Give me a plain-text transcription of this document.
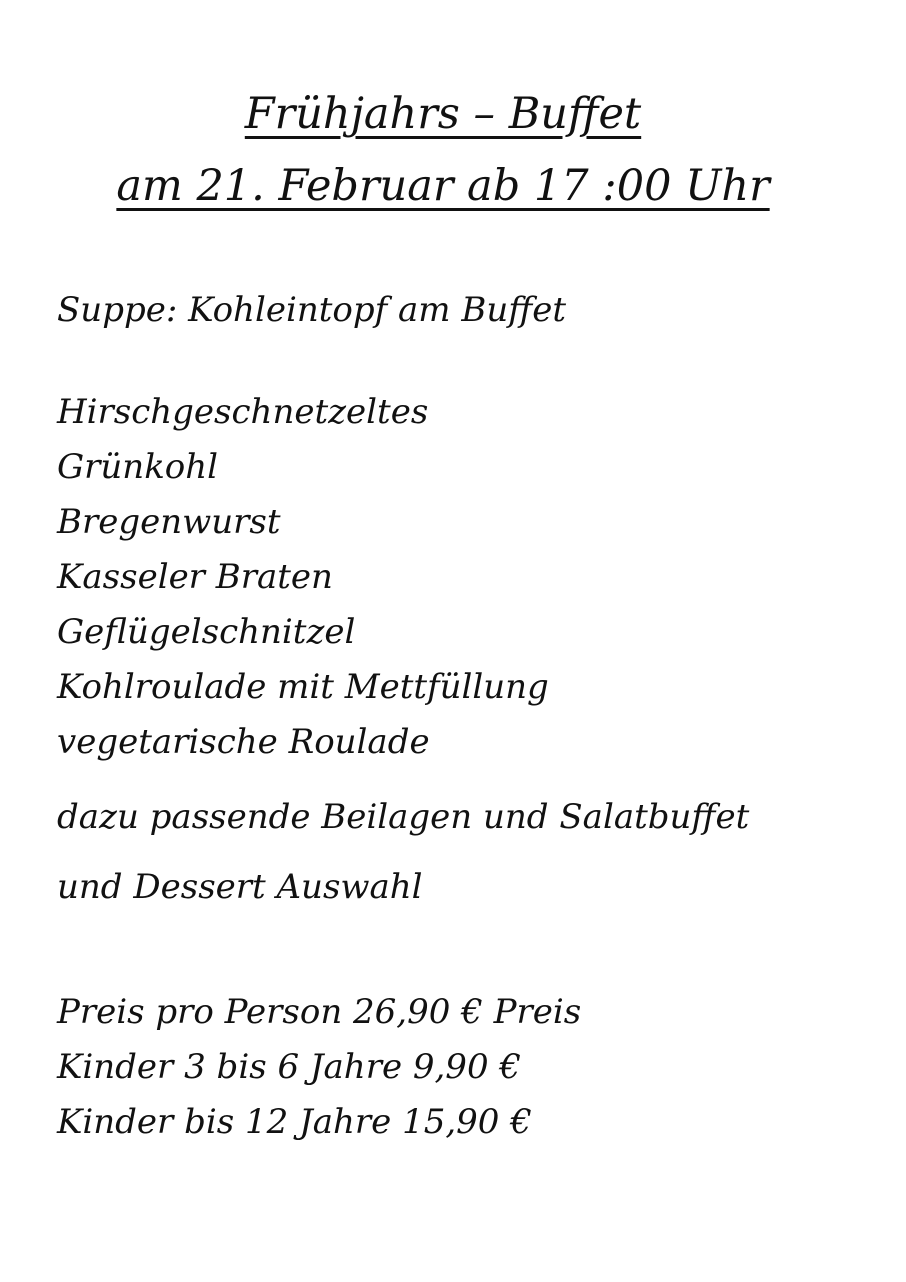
Frühjahrs – Buffet

am 21. Februar ab 17 :00 Uhr

Suppe: Kohleintopf am Buffet
Hirschgeschnetzeltes
Grünkohl
Bregenwurst
Kasseler Braten
Geflügelschnitzel
Kohlroulade mit Mettfüllung
vegetarische Roulade
dazu passende Beilagen und Salatbuffet
und Dessert Auswahl
Preis pro Person 26,90 € Preis
Kinder 3 bis 6 Jahre 9,90 €
Kinder bis 12 Jahre 15,90 €
